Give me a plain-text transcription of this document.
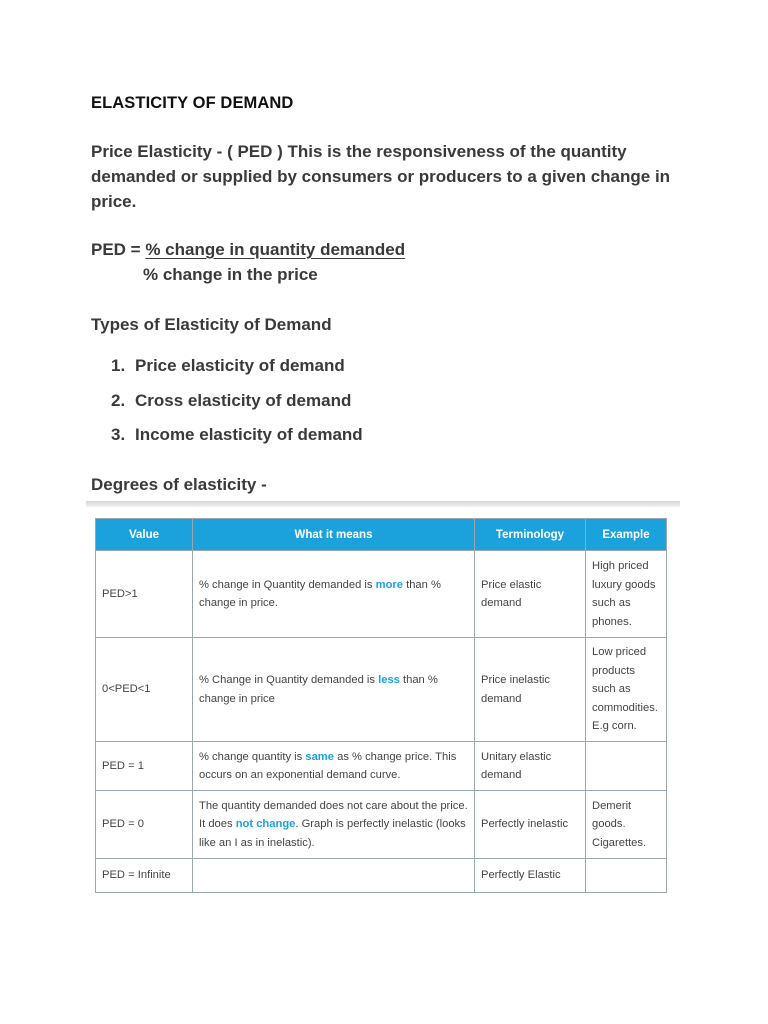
ELASTICITY OF DEMAND
Price Elasticity - ( PED ) This is the responsiveness of the quantity demanded or supplied by consumers or producers to a given change in price.
PED = % change in quantity demanded
% change in the price
Types of Elasticity of Demand
1. Price elasticity of demand
2. Cross elasticity of demand
3. Income elasticity of demand
Degrees of elasticity -
Value	What it means	Terminology	Example
PED>1	% change in Quantity demanded is more than % change in price.	Price elastic demand	High priced luxury goods such as phones.
0<PED<1	% Change in Quantity demanded is less than % change in price	Price inelastic demand	Low priced products such as commodities. E.g corn.
PED = 1	% change quantity is same as % change price. This occurs on an exponential demand curve.	Unitary elastic demand	
PED = 0	The quantity demanded does not care about the price. It does not change. Graph is perfectly inelastic (looks like an I as in inelastic).	Perfectly inelastic	Demerit goods. Cigarettes.
PED = Infinite		Perfectly Elastic	
